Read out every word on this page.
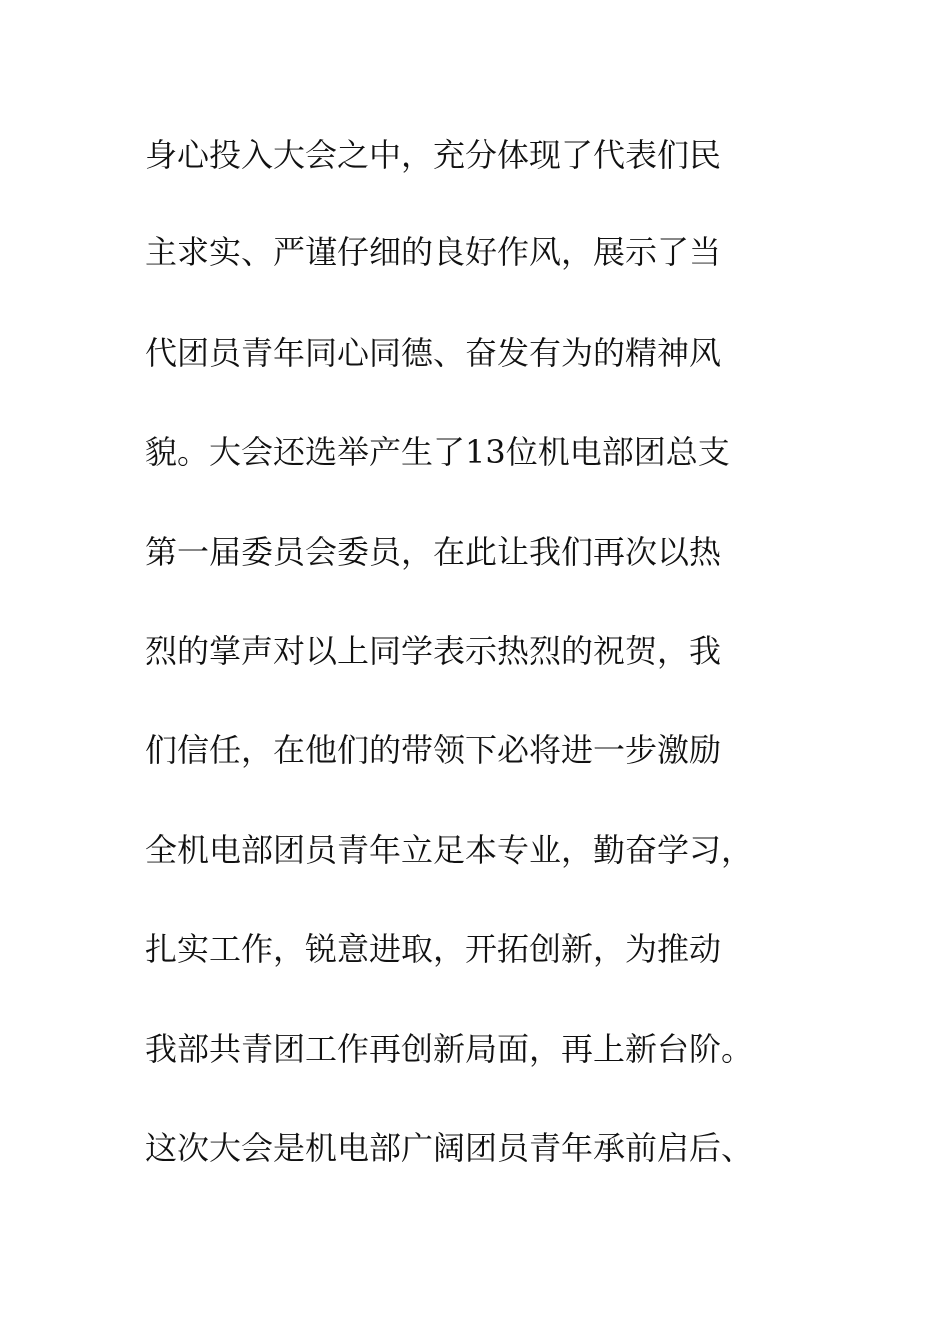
身心投入大会之中，充分体现了代表们民
主求实、严谨仔细的良好作风，展示了当
代团员青年同心同德、奋发有为的精神风
貌。大会还选举产生了13位机电部团总支
第一届委员会委员，在此让我们再次以热
烈的掌声对以上同学表示热烈的祝贺，我
们信任，在他们的带领下必将进一步激励
全机电部团员青年立足本专业，勤奋学习，
扎实工作，锐意进取，开拓创新，为推动
我部共青团工作再创新局面，再上新台阶。
这次大会是机电部广阔团员青年承前启后、
